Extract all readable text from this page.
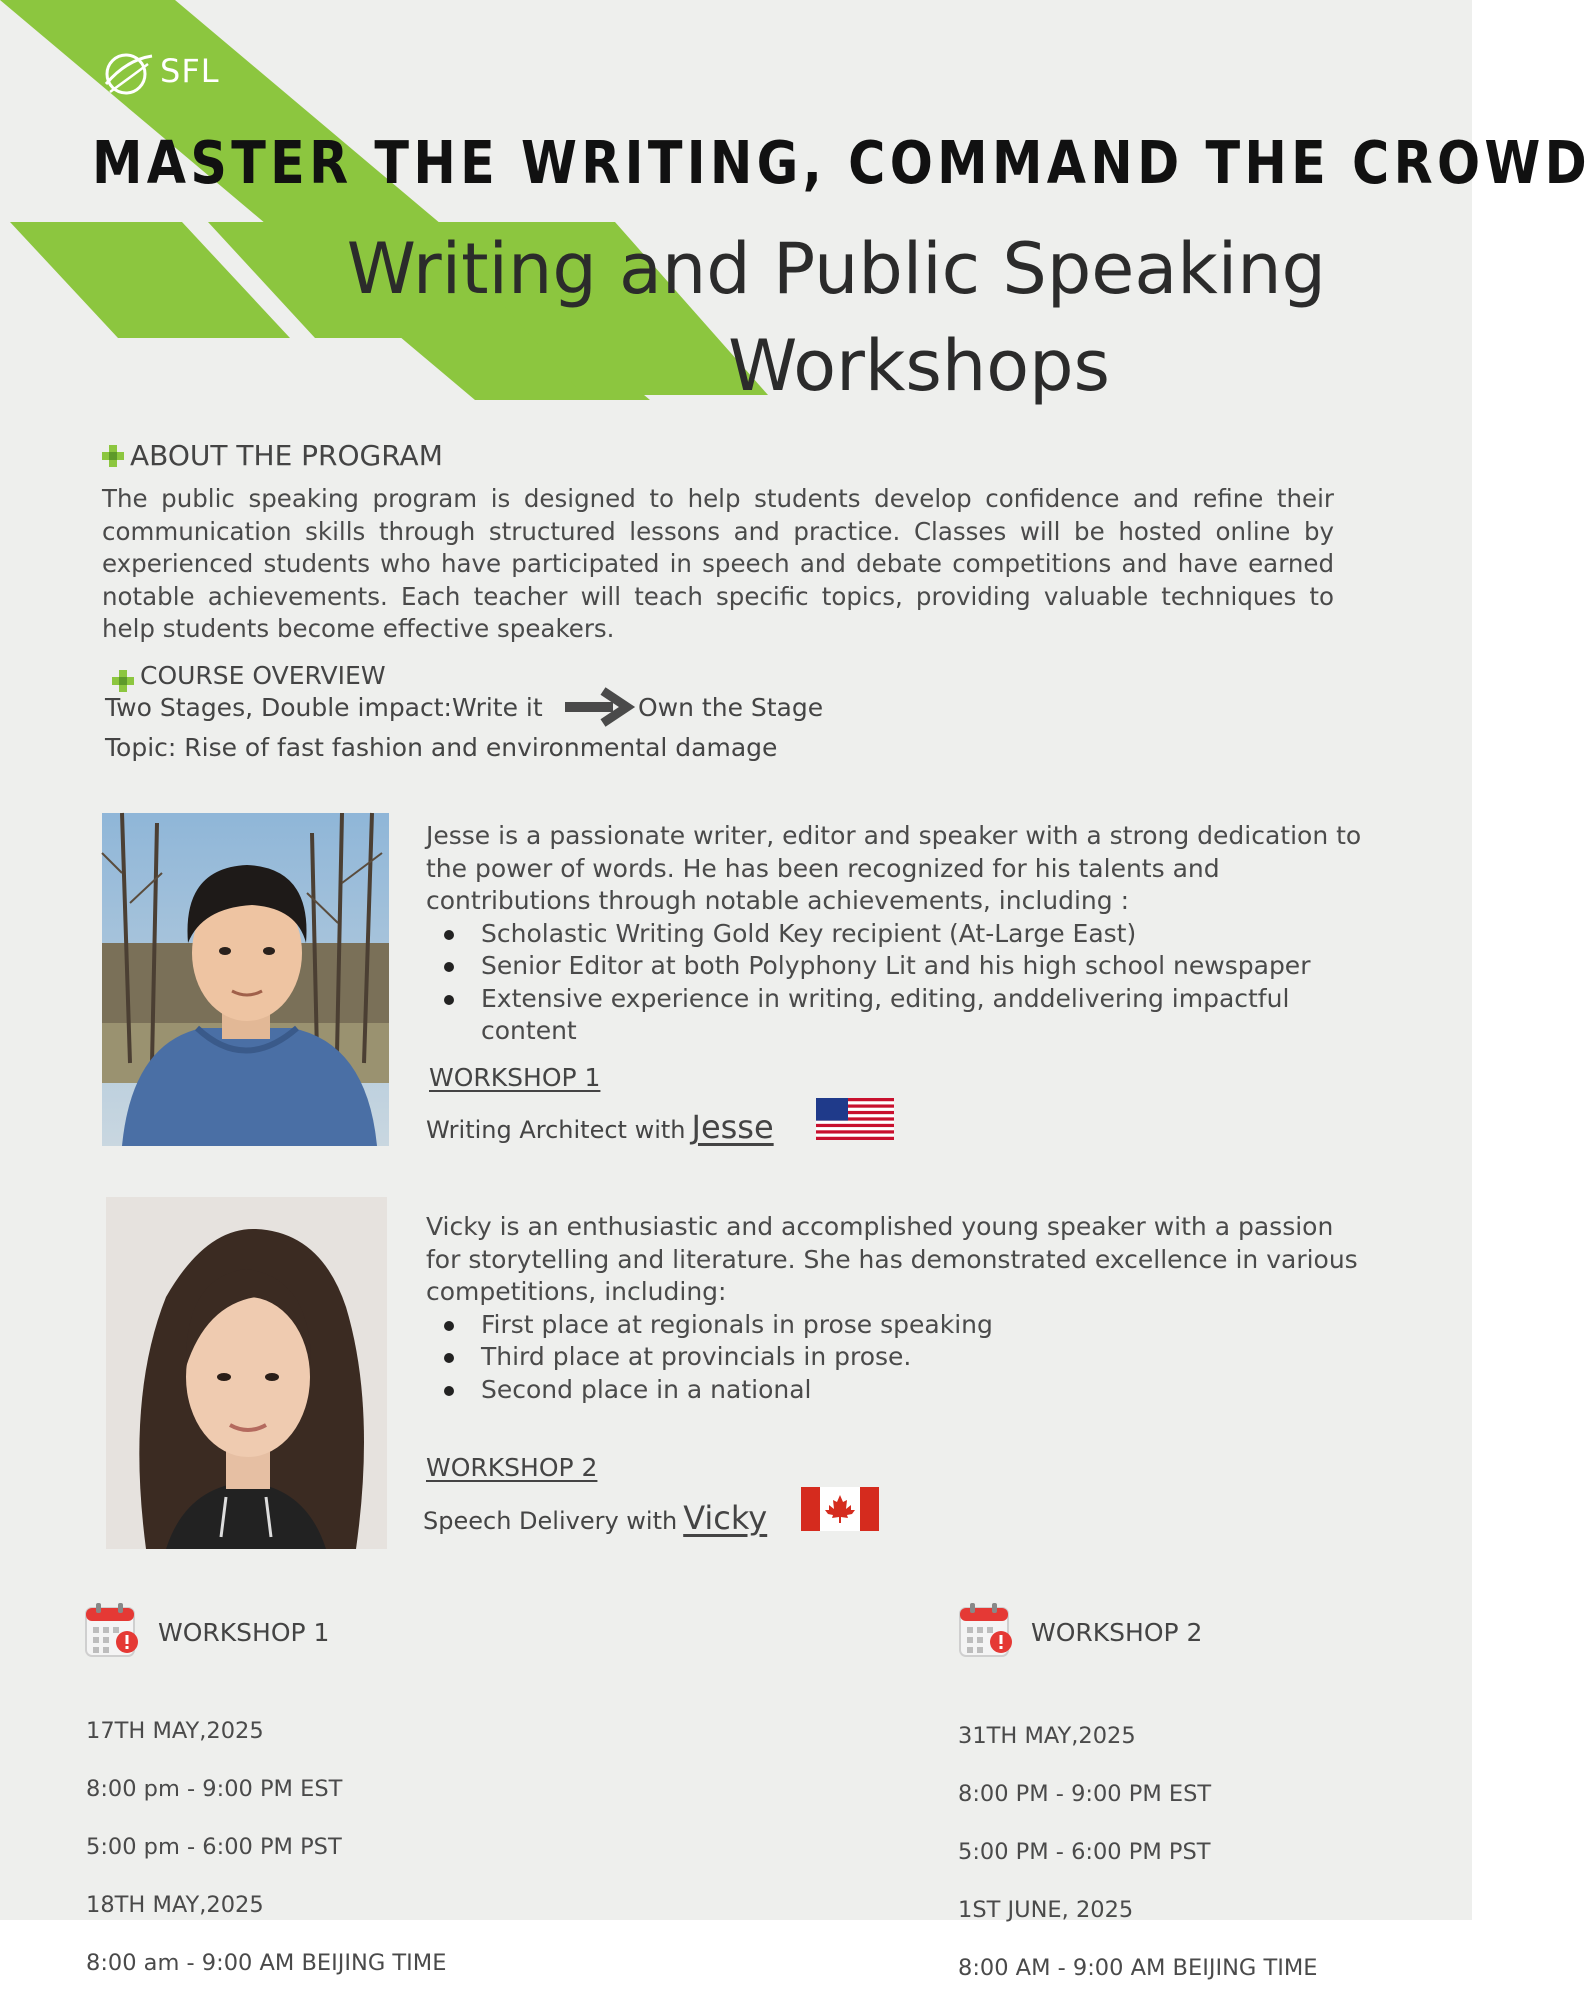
SFL
MASTER THE WRITING, COMMAND THE CROWD
Writing and Public Speaking
Workshops
ABOUT THE PROGRAM
The public speaking program is designed to help students develop confidence and refine their communication skills through structured lessons and practice. Classes will be hosted online by experienced students who have participated in speech and debate competitions and have earned notable achievements. Each teacher will teach specific topics, providing valuable techniques to help students become effective speakers.
COURSE OVERVIEW
Two Stages, Double impact:Write it	Own the Stage
Topic: Rise of fast fashion and environmental damage
Jesse is a passionate writer, editor and speaker with a strong dedication to the power of words. He has been recognized for his talents and contributions through notable achievements, including :
Scholastic Writing Gold Key recipient (At-Large East)
Senior Editor at both Polyphony Lit and his high school newspaper
Extensive experience in writing, editing, anddelivering impactful content
WORKSHOP 1
Writing Architect with Jesse
Vicky is an enthusiastic and accomplished young speaker with a passion for storytelling and literature. She has demonstrated excellence in various competitions, including:
First place at regionals in prose speaking
Third place at provincials in prose.
Second place in a national
WORKSHOP 2
Speech Delivery with Vicky
WORKSHOP 1

17TH MAY,2025

8:00 pm - 9:00 PM EST

5:00 pm - 6:00 PM PST

18TH MAY,2025

8:00 am - 9:00 AM BEIJING TIME

WORKSHOP 2

31TH MAY,2025

8:00 PM - 9:00 PM EST

5:00 PM - 6:00 PM PST

1ST JUNE, 2025

8:00 AM - 9:00 AM BEIJING TIME
